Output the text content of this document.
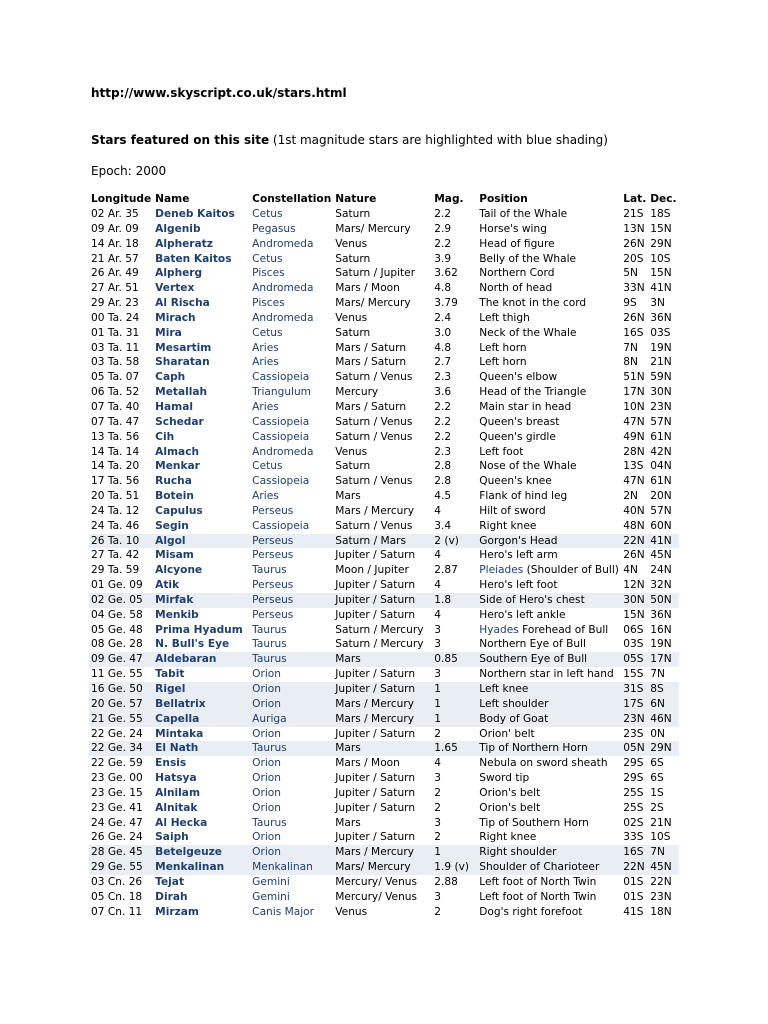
http://www.skyscript.co.uk/stars.html
Stars featured on this site (1st magnitude stars are highlighted with blue shading)
Epoch: 2000
Longitude	Name	Constellation	Nature	Mag.	Position	Lat.	Dec.
02 Ar. 35	Deneb Kaitos	Cetus	Saturn	2.2	Tail of the Whale	21S	18S
09 Ar. 09	Algenib	Pegasus	Mars/ Mercury	2.9	Horse's wing	13N	15N
14 Ar. 18	Alpheratz	Andromeda	Venus	2.2	Head of figure	26N	29N
21 Ar. 57	Baten Kaitos	Cetus	Saturn	3.9	Belly of the Whale	20S	10S
26 Ar. 49	Alpherg	Pisces	Saturn / Jupiter	3.62	Northern Cord	5N	15N
27 Ar. 51	Vertex	Andromeda	Mars / Moon	4.8	North of head	33N	41N
29 Ar. 23	Al Rischa	Pisces	Mars/ Mercury	3.79	The knot in the cord	9S	3N
00 Ta. 24	Mirach	Andromeda	Venus	2.4	Left thigh	26N	36N
01 Ta. 31	Mira	Cetus	Saturn	3.0	Neck of the Whale	16S	03S
03 Ta. 11	Mesartim	Aries	Mars / Saturn	4.8	Left horn	7N	19N
03 Ta. 58	Sharatan	Aries	Mars / Saturn	2.7	Left horn	8N	21N
05 Ta. 07	Caph	Cassiopeia	Saturn / Venus	2.3	Queen's elbow	51N	59N
06 Ta. 52	Metallah	Triangulum	Mercury	3.6	Head of the Triangle	17N	30N
07 Ta. 40	Hamal	Aries	Mars / Saturn	2.2	Main star in head	10N	23N
07 Ta. 47	Schedar	Cassiopeia	Saturn / Venus	2.2	Queen's breast	47N	57N
13 Ta. 56	Cih	Cassiopeia	Saturn / Venus	2.2	Queen's girdle	49N	61N
14 Ta. 14	Almach	Andromeda	Venus	2.3	Left foot	28N	42N
14 Ta. 20	Menkar	Cetus	Saturn	2.8	Nose of the Whale	13S	04N
17 Ta. 56	Rucha	Cassiopeia	Saturn / Venus	2.8	Queen's knee	47N	61N
20 Ta. 51	Botein	Aries	Mars	4.5	Flank of hind leg	2N	20N
24 Ta. 12	Capulus	Perseus	Mars / Mercury	4	Hilt of sword	40N	57N
24 Ta. 46	Segin	Cassiopeia	Saturn / Venus	3.4	Right knee	48N	60N
26 Ta. 10	Algol	Perseus	Saturn / Mars	2 (v)	Gorgon's Head	22N	41N
27 Ta. 42	Misam	Perseus	Jupiter / Saturn	4	Hero's left arm	26N	45N
29 Ta. 59	Alcyone	Taurus	Moon / Jupiter	2.87	Pleiades (Shoulder of Bull)	4N	24N
01 Ge. 09	Atik	Perseus	Jupiter / Saturn	4	Hero's left foot	12N	32N
02 Ge. 05	Mirfak	Perseus	Jupiter / Saturn	1.8	Side of Hero's chest	30N	50N
04 Ge. 58	Menkib	Perseus	Jupiter / Saturn	4	Hero's left ankle	15N	36N
05 Ge. 48	Prima Hyadum	Taurus	Saturn / Mercury	3	Hyades Forehead of Bull	06S	16N
08 Ge. 28	N. Bull's Eye	Taurus	Saturn / Mercury	3	Northern Eye of Bull	03S	19N
09 Ge. 47	Aldebaran	Taurus	Mars	0.85	Southern Eye of Bull	05S	17N
11 Ge. 55	Tabit	Orion	Jupiter / Saturn	3	Northern star in left hand	15S	7N
16 Ge. 50	Rigel	Orion	Jupiter / Saturn	1	Left knee	31S	8S
20 Ge. 57	Bellatrix	Orion	Mars / Mercury	1	Left shoulder	17S	6N
21 Ge. 55	Capella	Auriga	Mars / Mercury	1	Body of Goat	23N	46N
22 Ge. 24	Mintaka	Orion	Jupiter / Saturn	2	Orion' belt	23S	0N
22 Ge. 34	El Nath	Taurus	Mars	1.65	Tip of Northern Horn	05N	29N
22 Ge. 59	Ensis	Orion	Mars / Moon	4	Nebula on sword sheath	29S	6S
23 Ge. 00	Hatsya	Orion	Jupiter / Saturn	3	Sword tip	29S	6S
23 Ge. 15	Alnilam	Orion	Jupiter / Saturn	2	Orion's belt	25S	1S
23 Ge. 41	Alnitak	Orion	Jupiter / Saturn	2	Orion's belt	25S	2S
24 Ge. 47	Al Hecka	Taurus	Mars	3	Tip of Southern Horn	02S	21N
26 Ge. 24	Saiph	Orion	Jupiter / Saturn	2	Right knee	33S	10S
28 Ge. 45	Betelgeuze	Orion	Mars / Mercury	1	Right shoulder	16S	7N
29 Ge. 55	Menkalinan	Menkalinan	Mars/ Mercury	1.9 (v)	Shoulder of Charioteer	22N	45N
03 Cn. 26	Tejat	Gemini	Mercury/ Venus	2.88	Left foot of North Twin	01S	22N
05 Cn. 18	Dirah	Gemini	Mercury/ Venus	3	Left foot of North Twin	01S	23N
07 Cn. 11	Mirzam	Canis Major	Venus	2	Dog's right forefoot	41S	18N
